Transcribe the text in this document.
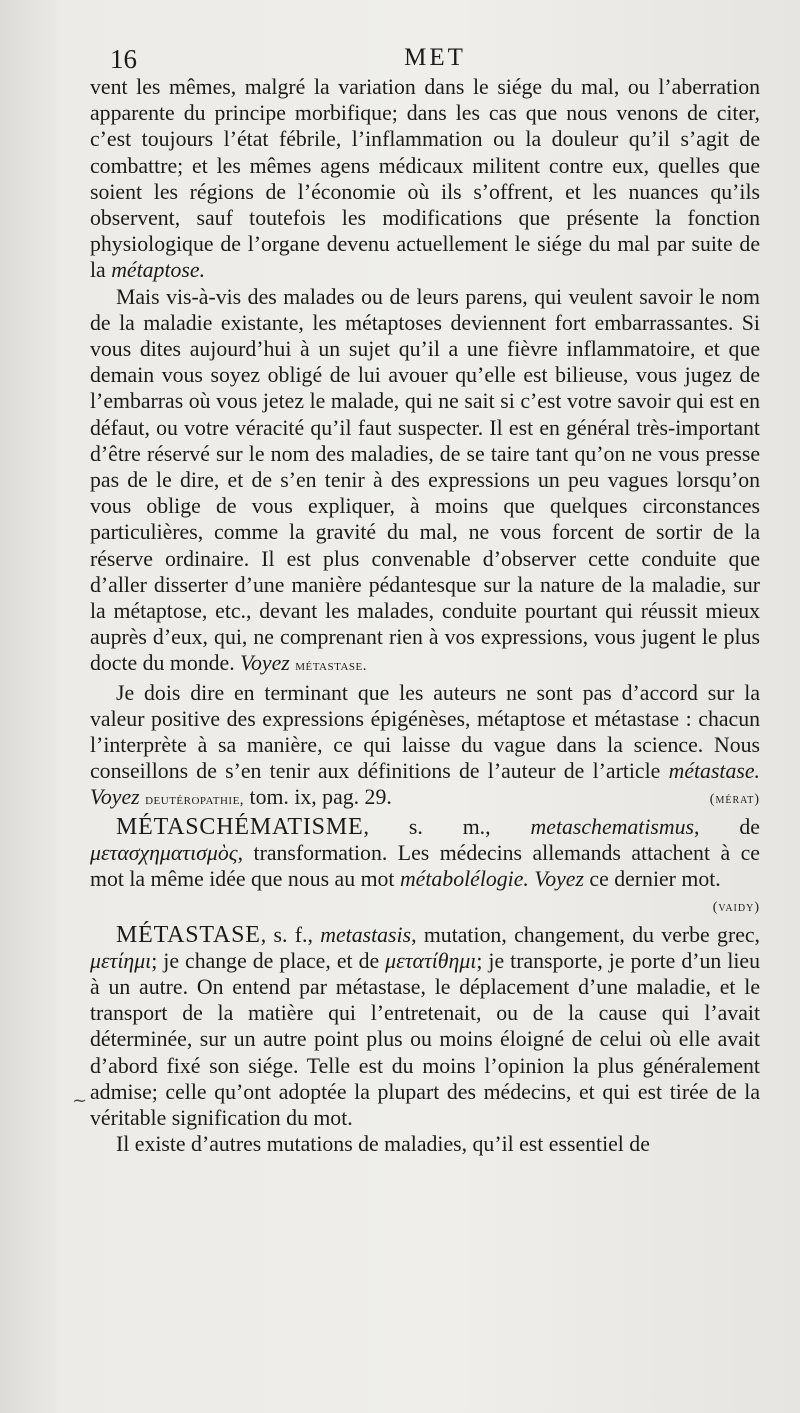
16	MET
~

vent les mêmes, malgré la variation dans le siége du mal, ou l’aberration apparente du principe morbifique; dans les cas que nous venons de citer, c’est toujours l’état fébrile, l’inflammation ou la douleur qu’il s’agit de combattre; et les mêmes agens médicaux militent contre eux, quelles que soient les régions de l’économie où ils s’offrent, et les nuances qu’ils observent, sauf toutefois les modifications que présente la fonction physiologique de l’organe devenu actuellement le siége du mal par suite de la métaptose.

Mais vis-à-vis des malades ou de leurs parens, qui veulent savoir le nom de la maladie existante, les métaptoses deviennent fort embarrassantes. Si vous dites aujourd’hui à un sujet qu’il a une fièvre inflammatoire, et que demain vous soyez obligé de lui avouer qu’elle est bilieuse, vous jugez de l’embarras où vous jetez le malade, qui ne sait si c’est votre savoir qui est en défaut, ou votre véracité qu’il faut suspecter. Il est en général très-important d’être réservé sur le nom des maladies, de se taire tant qu’on ne vous presse pas de le dire, et de s’en tenir à des expressions un peu vagues lorsqu’on vous oblige de vous expliquer, à moins que quelques circonstances particulières, comme la gravité du mal, ne vous forcent de sortir de la réserve ordinaire. Il est plus convenable d’observer cette conduite que d’aller disserter d’une manière pédantesque sur la nature de la maladie, sur la métaptose, etc., devant les malades, conduite pourtant qui réussit mieux auprès d’eux, qui, ne comprenant rien à vos expressions, vous jugent le plus docte du monde. Voyez métastase.

Je dois dire en terminant que les auteurs ne sont pas d’accord sur la valeur positive des expressions épigénèses, métaptose et métastase : chacun l’interprète à sa manière, ce qui laisse du vague dans la science. Nous conseillons de s’en tenir aux définitions de l’auteur de l’article métastase. Voyez deutéropathie, tom. ix, pag. 29.	(mérat)

MÉTASCHÉMATISME, s. m., metaschematismus, de μετασχηματισμὸς, transformation. Les médecins allemands attachent à ce mot la même idée que nous au mot métabolélogie. Voyez ce dernier mot.
(vaidy)

MÉTASTASE, s. f., metastasis, mutation, changement, du verbe grec, μετίημι; je change de place, et de μετατίθημι; je transporte, je porte d’un lieu à un autre. On entend par métastase, le déplacement d’une maladie, et le transport de la matière qui l’entretenait, ou de la cause qui l’avait déterminée, sur un autre point plus ou moins éloigné de celui où elle avait d’abord fixé son siége. Telle est du moins l’opinion la plus généralement admise; celle qu’ont adoptée la plupart des médecins, et qui est tirée de la véritable signification du mot.

Il existe d’autres mutations de maladies, qu’il est essentiel de
